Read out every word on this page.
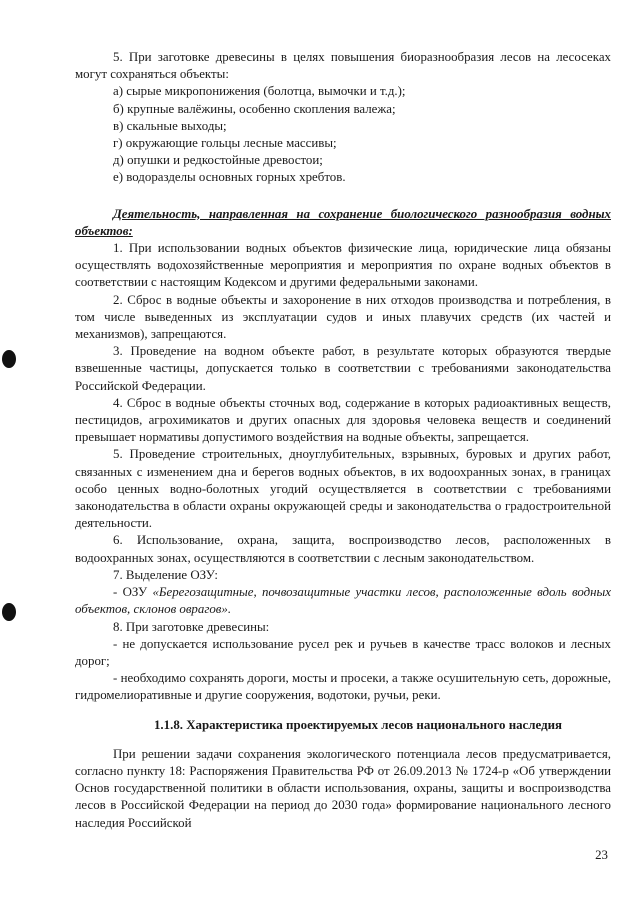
5. При заготовке древесины в целях повышения биоразнообразия лесов на лесосеках могут сохраняться объекты:

а) сырые микропонижения (болотца, вымочки и т.д.);

б) крупные валёжины, особенно скопления валежа;

в) скальные выходы;

г) окружающие гольцы лесные массивы;

д) опушки и редкостойные древостои;

е) водоразделы основных горных хребтов.

Деятельность, направленная на сохранение биологического разнообразия водных объектов:

1. При использовании водных объектов физические лица, юридические лица обязаны осуществлять водохозяйственные мероприятия и мероприятия по охране водных объектов в соответствии с настоящим Кодексом и другими федеральными законами.

2. Сброс в водные объекты и захоронение в них отходов производства и потребления, в том числе выведенных из эксплуатации судов и иных плавучих средств (их частей и механизмов), запрещаются.

3. Проведение на водном объекте работ, в результате которых образуются твердые взвешенные частицы, допускается только в соответствии с требованиями законодательства Российской Федерации.

4. Сброс в водные объекты сточных вод, содержание в которых радиоактивных веществ, пестицидов, агрохимикатов и других опасных для здоровья человека веществ и соединений превышает нормативы допустимого воздействия на водные объекты, запрещается.

5. Проведение строительных, дноуглубительных, взрывных, буровых и других работ, связанных с изменением дна и берегов водных объектов, в их водоохранных зонах, в границах особо ценных водно-болотных угодий осуществляется в соответствии с требованиями законодательства в области охраны окружающей среды и законодательства о градостроительной деятельности.

6. Использование, охрана, защита, воспроизводство лесов, расположенных в водоохранных зонах, осуществляются в соответствии с лесным законодательством.

7. Выделение ОЗУ:

- ОЗУ «Берегозащитные, почвозащитные участки лесов, расположенные вдоль водных объектов, склонов оврагов».

8. При заготовке древесины:

- не допускается использование русел рек и ручьев в качестве трасс волоков и лесных дорог;

- необходимо сохранять дороги, мосты и просеки, а также осушительную сеть, дорожные, гидромелиоративные и другие сооружения, водотоки, ручьи, реки.

1.1.8. Характеристика проектируемых лесов национального наследия

При решении задачи сохранения экологического потенциала лесов предусматривается, согласно пункту 18: Распоряжения Правительства РФ от 26.09.2013 № 1724-р «Об утверждении Основ государственной политики в области использования, охраны, защиты и воспроизводства лесов в Российской Федерации на период до 2030 года» формирование национального лесного наследия Российской

23
